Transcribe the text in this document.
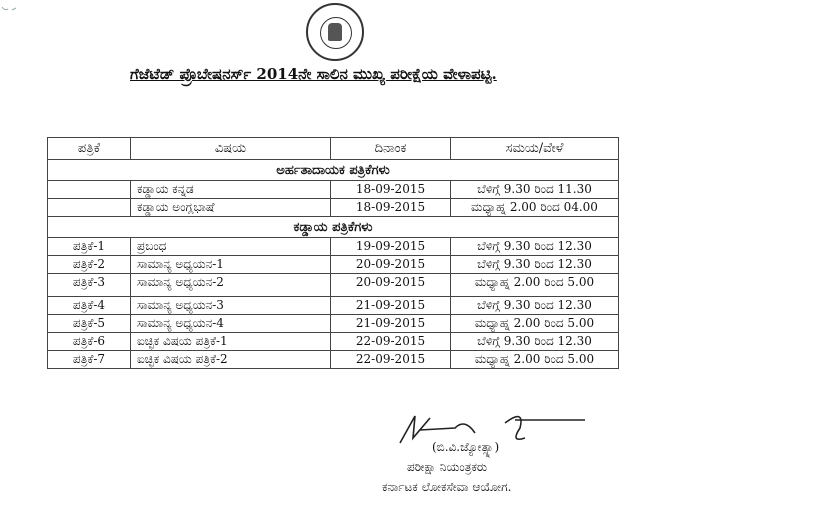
ಗೆಜೆಟೆಡ್ ಪ್ರೊಬೇಷನರ್ಸ್ 2014ನೇ ಸಾಲಿನ ಮುಖ್ಯ ಪರೀಕ್ಷೆಯ ವೇಳಾಪಟ್ಟಿ.
ಪತ್ರಿಕೆ	ವಿಷಯ	ದಿನಾಂಕ	ಸಮಯ/ವೇಳೆ
ಅರ್ಹತಾದಾಯಕ ಪತ್ರಿಕೆಗಳು			
	ಕಡ್ಡಾಯ ಕನ್ನಡ	18-09-2015	ಬೆಳಿಗ್ಗೆ 9.30 ರಿಂದ 11.30
	ಕಡ್ಡಾಯ ಅಂಗ್ಲಭಾಷೆ	18-09-2015	ಮಧ್ಯಾಹ್ನ 2.00 ರಿಂದ 04.00
ಕಡ್ಡಾಯ ಪತ್ರಿಕೆಗಳು			
ಪತ್ರಿಕೆ-1	ಪ್ರಬಂಧ	19-09-2015	ಬೆಳಿಗ್ಗೆ 9.30 ರಿಂದ 12.30
ಪತ್ರಿಕೆ-2	ಸಾಮಾನ್ಯ ಅಧ್ಯಯನ-1	20-09-2015	ಬೆಳಿಗ್ಗೆ 9.30 ರಿಂದ 12.30
ಪತ್ರಿಕೆ-3	ಸಾಮಾನ್ಯ ಅಧ್ಯಯನ-2	20-09-2015	ಮಧ್ಯಾಹ್ನ 2.00 ರಿಂದ 5.00
ಪತ್ರಿಕೆ-4	ಸಾಮಾನ್ಯ ಅಧ್ಯಯನ-3	21-09-2015	ಬೆಳಿಗ್ಗೆ 9.30 ರಿಂದ 12.30
ಪತ್ರಿಕೆ-5	ಸಾಮಾನ್ಯ ಅಧ್ಯಯನ-4	21-09-2015	ಮಧ್ಯಾಹ್ನ 2.00 ರಿಂದ 5.00
ಪತ್ರಿಕೆ-6	ಐಚ್ಛಿಕ ವಿಷಯ ಪತ್ರಿಕೆ-1	22-09-2015	ಬೆಳಿಗ್ಗೆ 9.30 ರಿಂದ 12.30
ಪತ್ರಿಕೆ-7	ಐಚ್ಛಿಕ ವಿಷಯ ಪತ್ರಿಕೆ-2	22-09-2015	ಮಧ್ಯಾಹ್ನ 2.00 ರಿಂದ 5.00
(ಬಿ.ವಿ.ಜ್ಯೋತ್ಸ್ನಾ)
ಪರೀಕ್ಷಾ ನಿಯಂತ್ರಕರು
ಕರ್ನಾಟಕ ಲೋಕಸೇವಾ ಆಯೋಗ.
